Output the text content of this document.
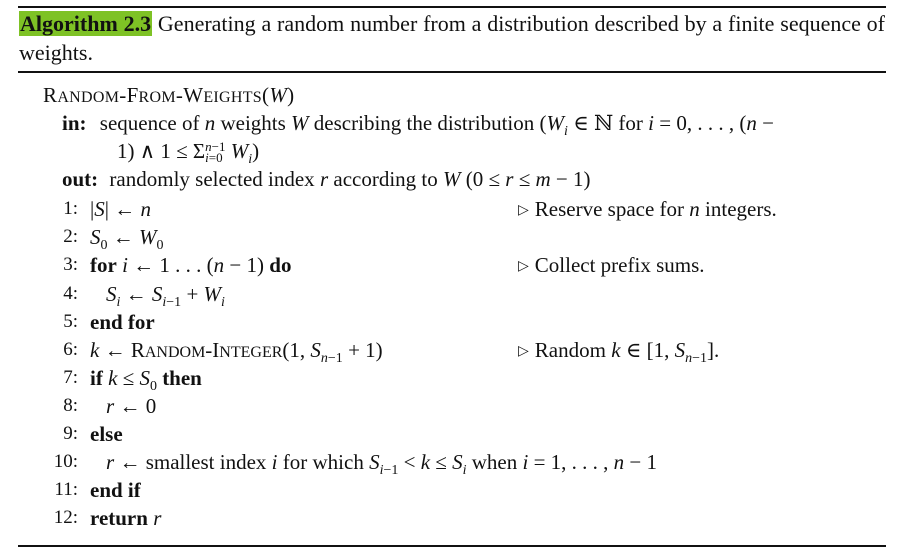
Algorithm 2.3 Generating a random number from a distribution described by a finite sequence of weights.
RANDOM-FROM-WEIGHTS(W)
in: sequence of n weights W describing the distribution ($W_i$ ∈ ℕ for i = 0, . . . , (n −
1) ∧ 1 ≤ Σn−1
i=0 $W_i$)
out: randomly selected index r according to W (0 ≤ r ≤ m − 1)
1: |S| ← n	▷ Reserve space for n integers.
2: $S_0$ ← $W_0$
3: for i ← 1 . . . (n − 1) do	▷ Collect prefix sums.
4: $S_i$ ← $S_{i-1} + W_i$
5: end for
6: k ← RANDOM-INTEGER(1, $S_{n-1} + 1$)	▷ Random k ∈ [1, $S_{n-1}$].
7: if $k \le S_0$ then
8: r ← 0
9: else
10: r ← smallest index i for which $S_{i-1} < k \le S_i$ when i = 1, . . . , n − 1
11: end if
12: return r
